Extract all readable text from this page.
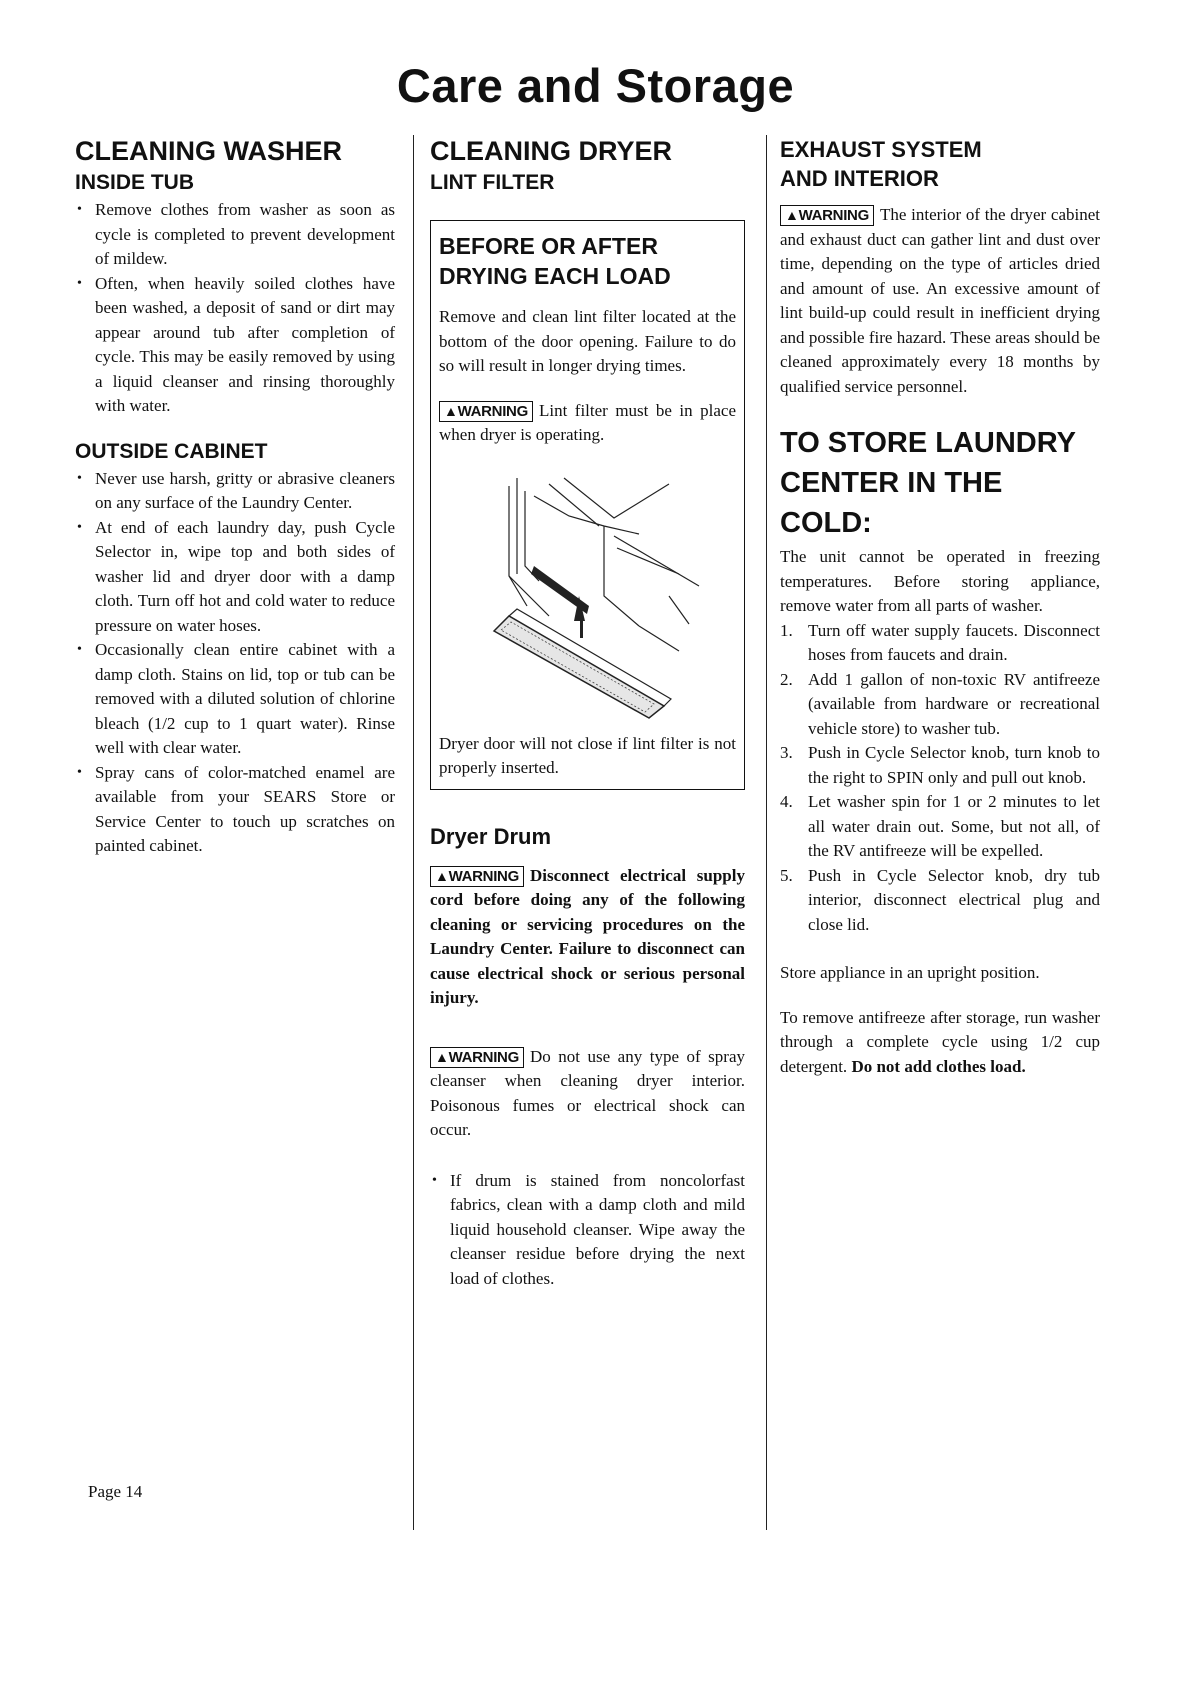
Care and Storage
CLEANING WASHER
INSIDE TUB
• Remove clothes from washer as soon as cycle is completed to prevent development of mildew.
• Often, when heavily soiled clothes have been washed, a deposit of sand or dirt may appear around tub after completion of cycle. This may be easily removed by using a liquid cleanser and rinsing thoroughly with water.
OUTSIDE CABINET
• Never use harsh, gritty or abrasive cleaners on any surface of the Laundry Center.
• At end of each laundry day, push Cycle Selector in, wipe top and both sides of washer lid and dryer door with a damp cloth. Turn off hot and cold water to reduce pressure on water hoses.
• Occasionally clean entire cabinet with a damp cloth. Stains on lid, top or tub can be removed with a diluted solution of chlorine bleach (1/2 cup to 1 quart water). Rinse well with clear water.
• Spray cans of color-matched enamel are available from your SEARS Store or Service Center to touch up scratches on painted cabinet.
CLEANING DRYER
LINT FILTER
BEFORE OR AFTER DRYING EACH LOAD

Remove and clean lint filter located at the bottom of the door opening. Failure to do so will result in longer drying times.

▲WARNING Lint filter must be in place when dryer is operating.

Dryer door will not close if lint filter is not properly inserted.

Dryer Drum

▲WARNING Disconnect electrical supply cord before doing any of the following cleaning or servicing procedures on the Laundry Center. Failure to disconnect can cause electrical shock or serious personal injury.

▲WARNING Do not use any type of spray cleanser when cleaning dryer interior. Poisonous fumes or electrical shock can occur.

• If drum is stained from noncolorfast fabrics, clean with a damp cloth and mild liquid household cleanser. Wipe away the cleanser residue before drying the next load of clothes.
EXHAUST SYSTEM
AND INTERIOR

▲WARNING The interior of the dryer cabinet and exhaust duct can gather lint and dust over time, depending on the type of articles dried and amount of use. An excessive amount of lint build-up could result in inefficient drying and possible fire hazard. These areas should be cleaned approximately every 18 months by qualified service personnel.

TO STORE LAUNDRY CENTER IN THE COLD:

The unit cannot be operated in freezing temperatures. Before storing appliance, remove water from all parts of washer.

1. Turn off water supply faucets. Disconnect hoses from faucets and drain.
2. Add 1 gallon of non-toxic RV antifreeze (available from hardware or recreational vehicle store) to washer tub.
3. Push in Cycle Selector knob, turn knob to the right to SPIN only and pull out knob.
4. Let washer spin for 1 or 2 minutes to let all water drain out. Some, but not all, of the RV antifreeze will be expelled.
5. Push in Cycle Selector knob, dry tub interior, disconnect electrical plug and close lid.

Store appliance in an upright position.

To remove antifreeze after storage, run washer through a complete cycle using 1/2 cup detergent. Do not add clothes load.

Page 14
